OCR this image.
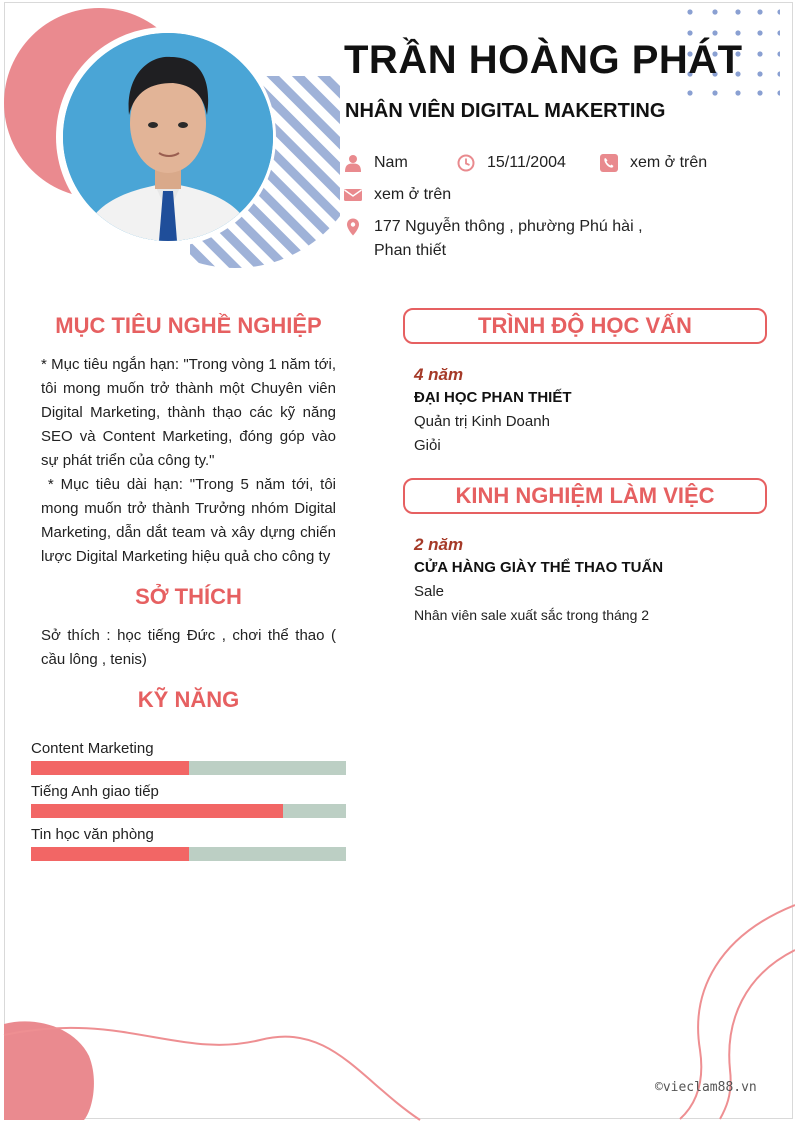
TRẦN HOÀNG PHÁT
NHÂN VIÊN DIGITAL MAKERTING
Nam	15/11/2004	xem ở trên
xem ở trên
177 Nguyễn thông , phường Phú hài , Phan thiết
MỤC TIÊU NGHỀ NGHIỆP
* Mục tiêu ngắn hạn: "Trong vòng 1 năm tới, tôi mong muốn trở thành một Chuyên viên Digital Marketing, thành thạo các kỹ năng SEO và Content Marketing, đóng góp vào sự phát triển của công ty."
* Mục tiêu dài hạn: "Trong 5 năm tới, tôi mong muốn trở thành Trưởng nhóm Digital Marketing, dẫn dắt team và xây dựng chiến lược Digital Marketing hiệu quả cho công ty
SỞ THÍCH
Sở thích : học tiếng Đức , chơi thể thao ( cầu lông , tenis)
KỸ NĂNG
Content Marketing
Tiếng Anh giao tiếp
Tin học văn phòng
TRÌNH ĐỘ HỌC VẤN
4 năm
ĐẠI HỌC PHAN THIẾT
Quản trị Kinh Doanh
Giỏi
KINH NGHIỆM LÀM VIỆC
2 năm
CỬA HÀNG GIÀY THỂ THAO TUẤN
Sale
Nhân viên sale xuất sắc trong tháng 2
©vieclam88.vn
